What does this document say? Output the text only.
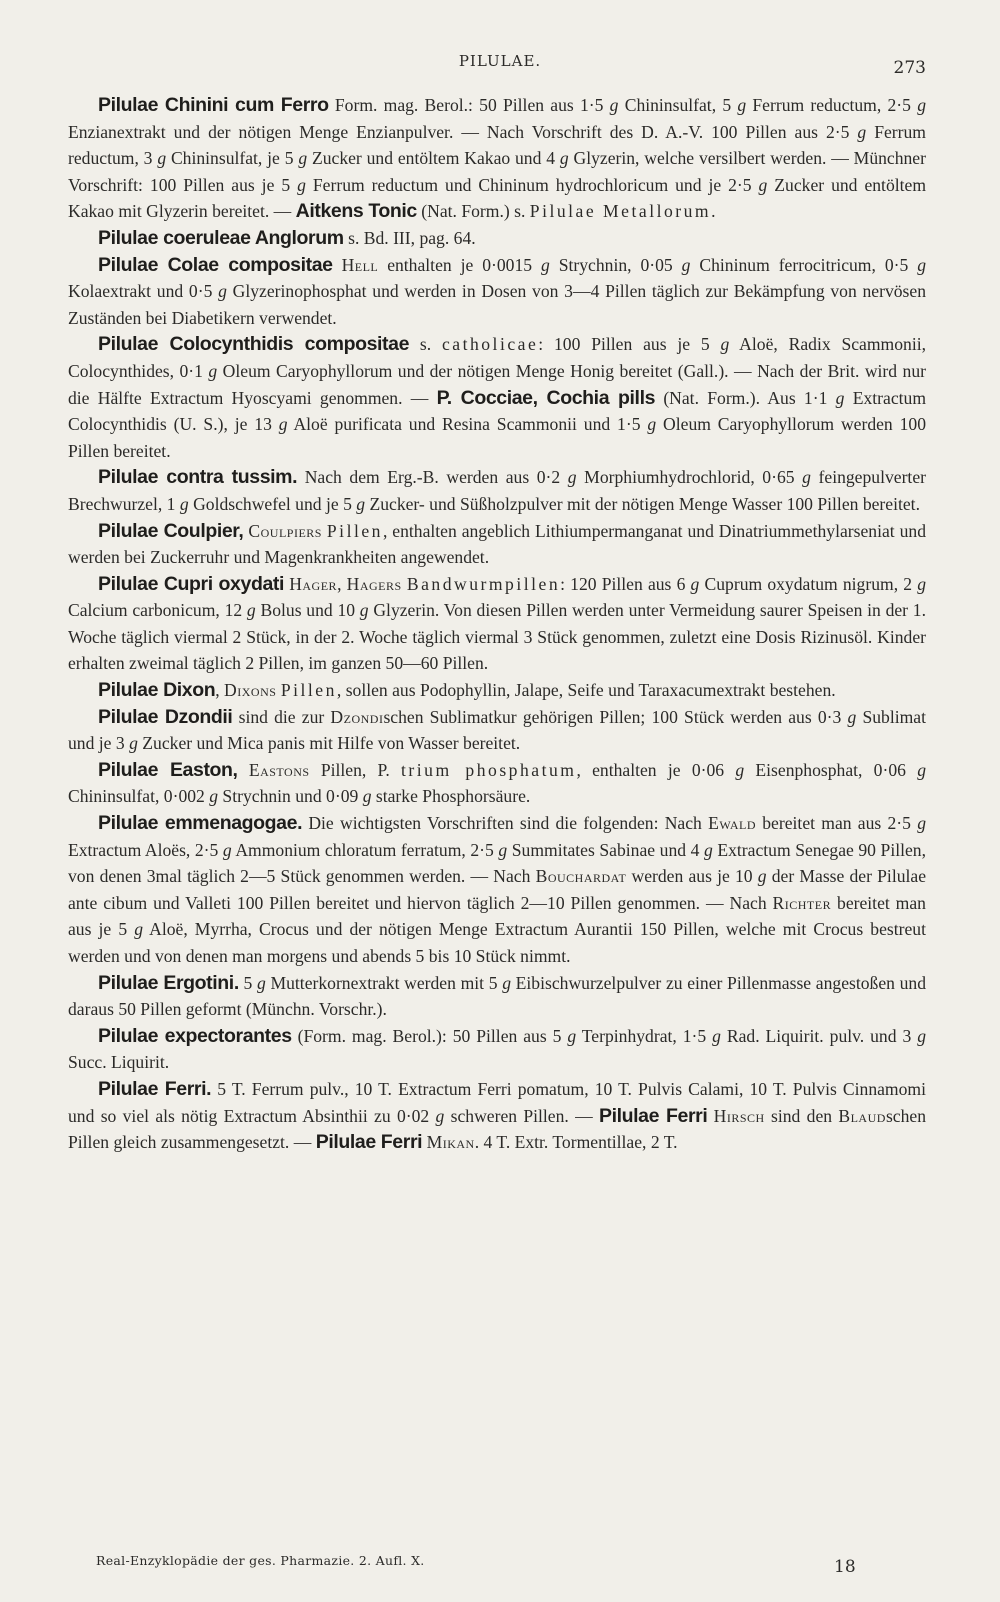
PILULAE.	273

Pilulae Chinini cum Ferro Form. mag. Berol.: 50 Pillen aus 1·5 g Chininsulfat, 5 g Ferrum reductum, 2·5 g Enzianextrakt und der nötigen Menge Enzianpulver. — Nach Vorschrift des D. A.-V. 100 Pillen aus 2·5 g Ferrum reductum, 3 g Chininsulfat, je 5 g Zucker und entöltem Kakao und 4 g Glyzerin, welche versilbert werden. — Münchner Vorschrift: 100 Pillen aus je 5 g Ferrum reductum und Chininum hydrochloricum und je 2·5 g Zucker und entöltem Kakao mit Glyzerin bereitet. — Aitkens Tonic (Nat. Form.) s. Pilulae Metallorum.

Pilulae coeruleae Anglorum s. Bd. III, pag. 64.

Pilulae Colae compositae Hell enthalten je 0·0015 g Strychnin, 0·05 g Chininum ferrocitricum, 0·5 g Kolaextrakt und 0·5 g Glyzerinophosphat und werden in Dosen von 3—4 Pillen täglich zur Bekämpfung von nervösen Zuständen bei Diabetikern verwendet.

Pilulae Colocynthidis compositae s. catholicae: 100 Pillen aus je 5 g Aloë, Radix Scammonii, Colocynthides, 0·1 g Oleum Caryophyllorum und der nötigen Menge Honig bereitet (Gall.). — Nach der Brit. wird nur die Hälfte Extractum Hyoscyami genommen. — P. Cocciae, Cochia pills (Nat. Form.). Aus 1·1 g Extractum Colocynthidis (U. S.), je 13 g Aloë purificata und Resina Scammonii und 1·5 g Oleum Caryophyllorum werden 100 Pillen bereitet.

Pilulae contra tussim. Nach dem Erg.-B. werden aus 0·2 g Morphiumhydrochlorid, 0·65 g feingepulverter Brechwurzel, 1 g Goldschwefel und je 5 g Zucker- und Süßholzpulver mit der nötigen Menge Wasser 100 Pillen bereitet.

Pilulae Coulpier, Coulpiers Pillen, enthalten angeblich Lithiumpermanganat und Dinatriummethylarseniat und werden bei Zuckerruhr und Magenkrankheiten angewendet.

Pilulae Cupri oxydati Hager, Hagers Bandwurmpillen: 120 Pillen aus 6 g Cuprum oxydatum nigrum, 2 g Calcium carbonicum, 12 g Bolus und 10 g Glyzerin. Von diesen Pillen werden unter Vermeidung saurer Speisen in der 1. Woche täglich viermal 2 Stück, in der 2. Woche täglich viermal 3 Stück genommen, zuletzt eine Dosis Rizinusöl. Kinder erhalten zweimal täglich 2 Pillen, im ganzen 50—60 Pillen.

Pilulae Dixon, Dixons Pillen, sollen aus Podophyllin, Jalape, Seife und Taraxacumextrakt bestehen.

Pilulae Dzondii sind die zur Dzondischen Sublimatkur gehörigen Pillen; 100 Stück werden aus 0·3 g Sublimat und je 3 g Zucker und Mica panis mit Hilfe von Wasser bereitet.

Pilulae Easton, Eastons Pillen, P. trium phosphatum, enthalten je 0·06 g Eisenphosphat, 0·06 g Chininsulfat, 0·002 g Strychnin und 0·09 g starke Phosphorsäure.

Pilulae emmenagogae. Die wichtigsten Vorschriften sind die folgenden: Nach Ewald bereitet man aus 2·5 g Extractum Aloës, 2·5 g Ammonium chloratum ferratum, 2·5 g Summitates Sabinae und 4 g Extractum Senegae 90 Pillen, von denen 3mal täglich 2—5 Stück genommen werden. — Nach Bouchardat werden aus je 10 g der Masse der Pilulae ante cibum und Valleti 100 Pillen bereitet und hiervon täglich 2—10 Pillen genommen. — Nach Richter bereitet man aus je 5 g Aloë, Myrrha, Crocus und der nötigen Menge Extractum Aurantii 150 Pillen, welche mit Crocus bestreut werden und von denen man morgens und abends 5 bis 10 Stück nimmt.

Pilulae Ergotini. 5 g Mutterkornextrakt werden mit 5 g Eibischwurzelpulver zu einer Pillenmasse angestoßen und daraus 50 Pillen geformt (Münchn. Vorschr.).

Pilulae expectorantes (Form. mag. Berol.): 50 Pillen aus 5 g Terpinhydrat, 1·5 g Rad. Liquirit. pulv. und 3 g Succ. Liquirit.

Pilulae Ferri. 5 T. Ferrum pulv., 10 T. Extractum Ferri pomatum, 10 T. Pulvis Calami, 10 T. Pulvis Cinnamomi und so viel als nötig Extractum Absinthii zu 0·02 g schweren Pillen. — Pilulae Ferri Hirsch sind den Blaudschen Pillen gleich zusammengesetzt. — Pilulae Ferri Mikan. 4 T. Extr. Tormentillae, 2 T.

Real-Enzyklopädie der ges. Pharmazie. 2. Aufl. X.	18
